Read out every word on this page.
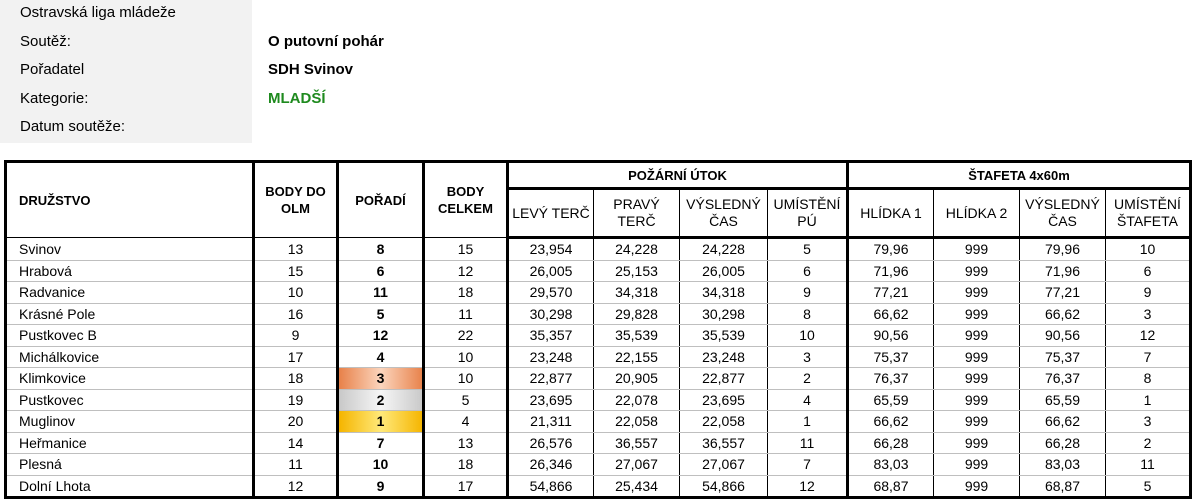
Ostravská liga mládeže
Soutěž:	O putovní pohár
Pořadatel	SDH Svinov
Kategorie:	MLADŠÍ
Datum soutěže:
DRUŽSTVO	BODY DO OLM	POŘADÍ	BODY CELKEM	POŽÁRNÍ ÚTOK				ŠTAFETA 4x60m			
				LEVÝ TERČ	PRAVÝ TERČ	VÝSLEDNÝ ČAS	UMÍSTĚNÍ PÚ	HLÍDKA 1	HLÍDKA 2	VÝSLEDNÝ ČAS	UMÍSTĚNÍ ŠTAFETA
Svinov	13	8	15	23,954	24,228	24,228	5	79,96	999	79,96	10
Hrabová	15	6	12	26,005	25,153	26,005	6	71,96	999	71,96	6
Radvanice	10	11	18	29,570	34,318	34,318	9	77,21	999	77,21	9
Krásné Pole	16	5	11	30,298	29,828	30,298	8	66,62	999	66,62	3
Pustkovec B	9	12	22	35,357	35,539	35,539	10	90,56	999	90,56	12
Michálkovice	17	4	10	23,248	22,155	23,248	3	75,37	999	75,37	7
Klimkovice	18	3	10	22,877	20,905	22,877	2	76,37	999	76,37	8
Pustkovec	19	2	5	23,695	22,078	23,695	4	65,59	999	65,59	1
Muglinov	20	1	4	21,311	22,058	22,058	1	66,62	999	66,62	3
Heřmanice	14	7	13	26,576	36,557	36,557	11	66,28	999	66,28	2
Plesná	11	10	18	26,346	27,067	27,067	7	83,03	999	83,03	11
Dolní Lhota	12	9	17	54,866	25,434	54,866	12	68,87	999	68,87	5
